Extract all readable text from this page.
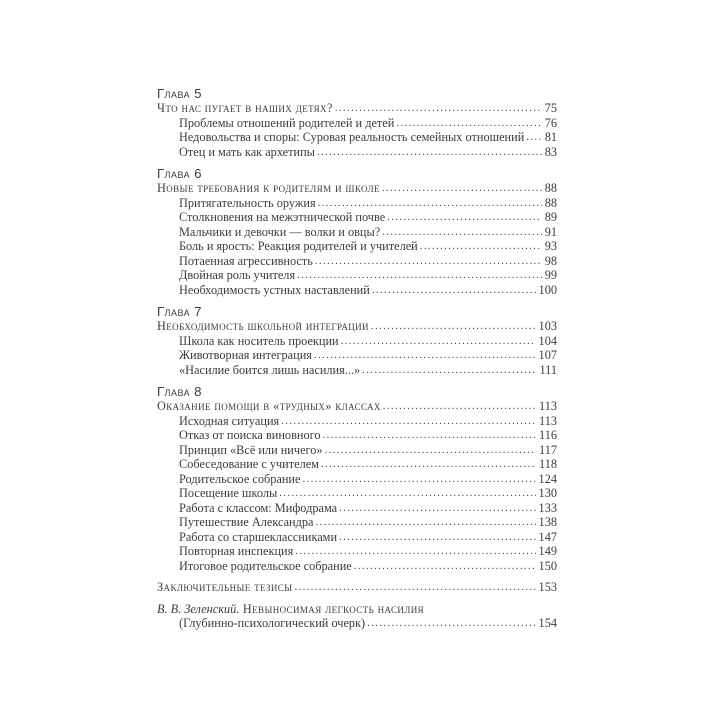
Глава 5
Что нас пугает в наших детях? .....	75
Проблемы отношений родителей и детей .....	76
Недовольства и споры: Суровая реальность семейных отношений ..... 81
Отец и мать как архетипы .....	83
Глава 6
Новые требования к родителям и школе .....	88
Притягательность оружия .....	88
Столкновения на межэтнической почве .....	89
Мальчики и девочки — волки и овцы? .....	91
Боль и ярость: Реакция родителей и учителей .....	93
Потаенная агрессивность .....	98
Двойная роль учителя .....	99
Необходимость устных наставлений .....	100
Глава 7
Необходимость школьной интеграции .....	103
Школа как носитель проекции .....	104
Животворная интеграция .....	107
«Насилие боится лишь насилия...» .....	111
Глава 8
Оказание помощи в «трудных» классах .....	113
Исходная ситуация .....	113
Отказ от поиска виновного .....	116
Принцип «Всё или ничего» .....	117
Собеседование с учителем .....	118
Родительское собрание .....	124
Посещение школы .....	130
Работа с классом: Мифодрама .....	133
Путешествие Александра .....	138
Работа со старшеклассниками .....	147
Повторная инспекция .....	149
Итоговое родительское собрание .....	150
Заключительные тезисы .....	153
В. В. Зеленский. Невыносимая легкость насилия
(Глубинно-психологический очерк) .....	154
